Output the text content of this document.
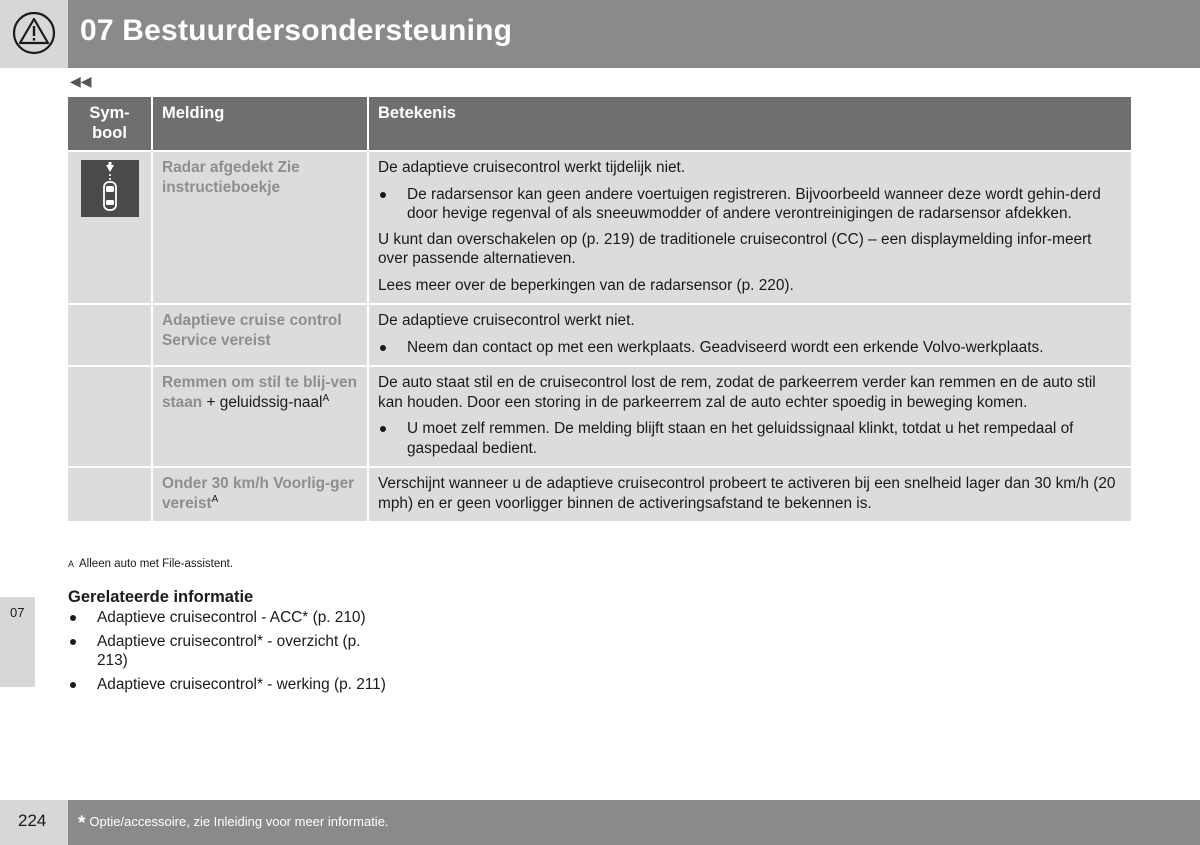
07 Bestuurdersondersteuning
◀◀
Sym-
bool	Melding	Betekenis
	Radar afgedekt Zie instructieboekje	De adaptieve cruisecontrol werkt tijdelijk niet.

De radarsensor kan geen andere voertuigen registreren. Bijvoorbeeld wanneer deze wordt gehin-derd door hevige regenval of als sneeuwmodder of andere verontreinigingen de radarsensor afdekken.

U kunt dan overschakelen op (p. 219) de traditionele cruisecontrol (CC) – een displaymelding infor-meert over passende alternatieven.

Lees meer over de beperkingen van de radarsensor (p. 220).

	Adaptieve cruise control Service vereist	De adaptieve cruisecontrol werkt niet.

Neem dan contact op met een werkplaats. Geadviseerd wordt een erkende Volvo-werkplaats.

	Remmen om stil te blij-ven staan + geluidssig-naal$^A$	De auto staat stil en de cruisecontrol lost de rem, zodat de parkeerrem verder kan remmen en de auto stil kan houden. Door een storing in de parkeerrem zal de auto echter spoedig in beweging komen.

U moet zelf remmen. De melding blijft staan en het geluidssignaal klinkt, totdat u het rempedaal of gaspedaal bedient.

	Onder 30 km/h Voorlig-ger vereist$^A$	Verschijnt wanneer u de adaptieve cruisecontrol probeert te activeren bij een snelheid lager dan 30 km/h (20 mph) en er geen voorligger binnen de activeringsafstand te bekennen is.

A Alleen auto met File-assistent.
Gerelateerde informatie
Adaptieve cruisecontrol - ACC* (p. 210)
Adaptieve cruisecontrol* - overzicht (p. 213)
Adaptieve cruisecontrol* - werking (p. 211)
07
224 * Optie/accessoire, zie Inleiding voor meer informatie.
